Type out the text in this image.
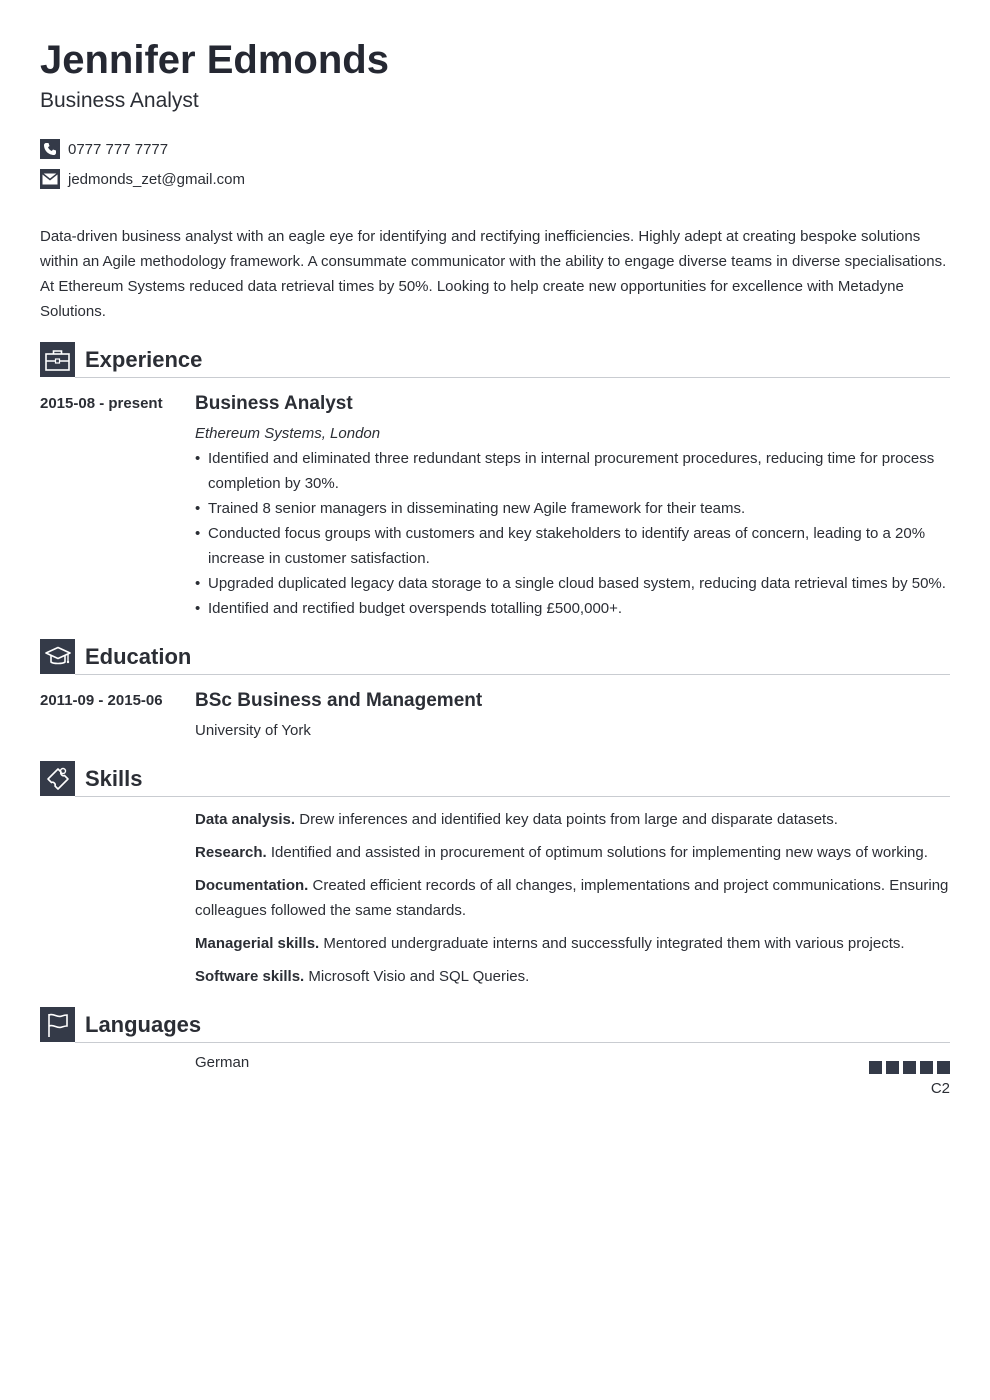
Jennifer Edmonds
Business Analyst
0777 777 7777
jedmonds_zet@gmail.com
Data-driven business analyst with an eagle eye for identifying and rectifying inefficiencies. Highly adept at creating bespoke solutions within an Agile methodology framework. A consummate communicator with the ability to engage diverse teams in diverse specialisations. At Ethereum Systems reduced data retrieval times by 50%. Looking to help create new opportunities for excellence with Metadyne Solutions.
Experience
2015-08 - present	Business Analyst
Ethereum Systems, London
• Identified and eliminated three redundant steps in internal procurement procedures, reducing time for process completion by 30%.
• Trained 8 senior managers in disseminating new Agile framework for their teams.
• Conducted focus groups with customers and key stakeholders to identify areas of concern, leading to a 20% increase in customer satisfaction.
• Upgraded duplicated legacy data storage to a single cloud based system, reducing data retrieval times by 50%.
• Identified and rectified budget overspends totalling £500,000+.
Education
2011-09 - 2015-06	BSc Business and Management
University of York
Skills
Data analysis. Drew inferences and identified key data points from large and disparate datasets.
Research. Identified and assisted in procurement of optimum solutions for implementing new ways of working.
Documentation. Created efficient records of all changes, implementations and project communications. Ensuring colleagues followed the same standards.
Managerial skills. Mentored undergraduate interns and successfully integrated them with various projects.
Software skills. Microsoft Visio and SQL Queries.
Languages
German
C2
